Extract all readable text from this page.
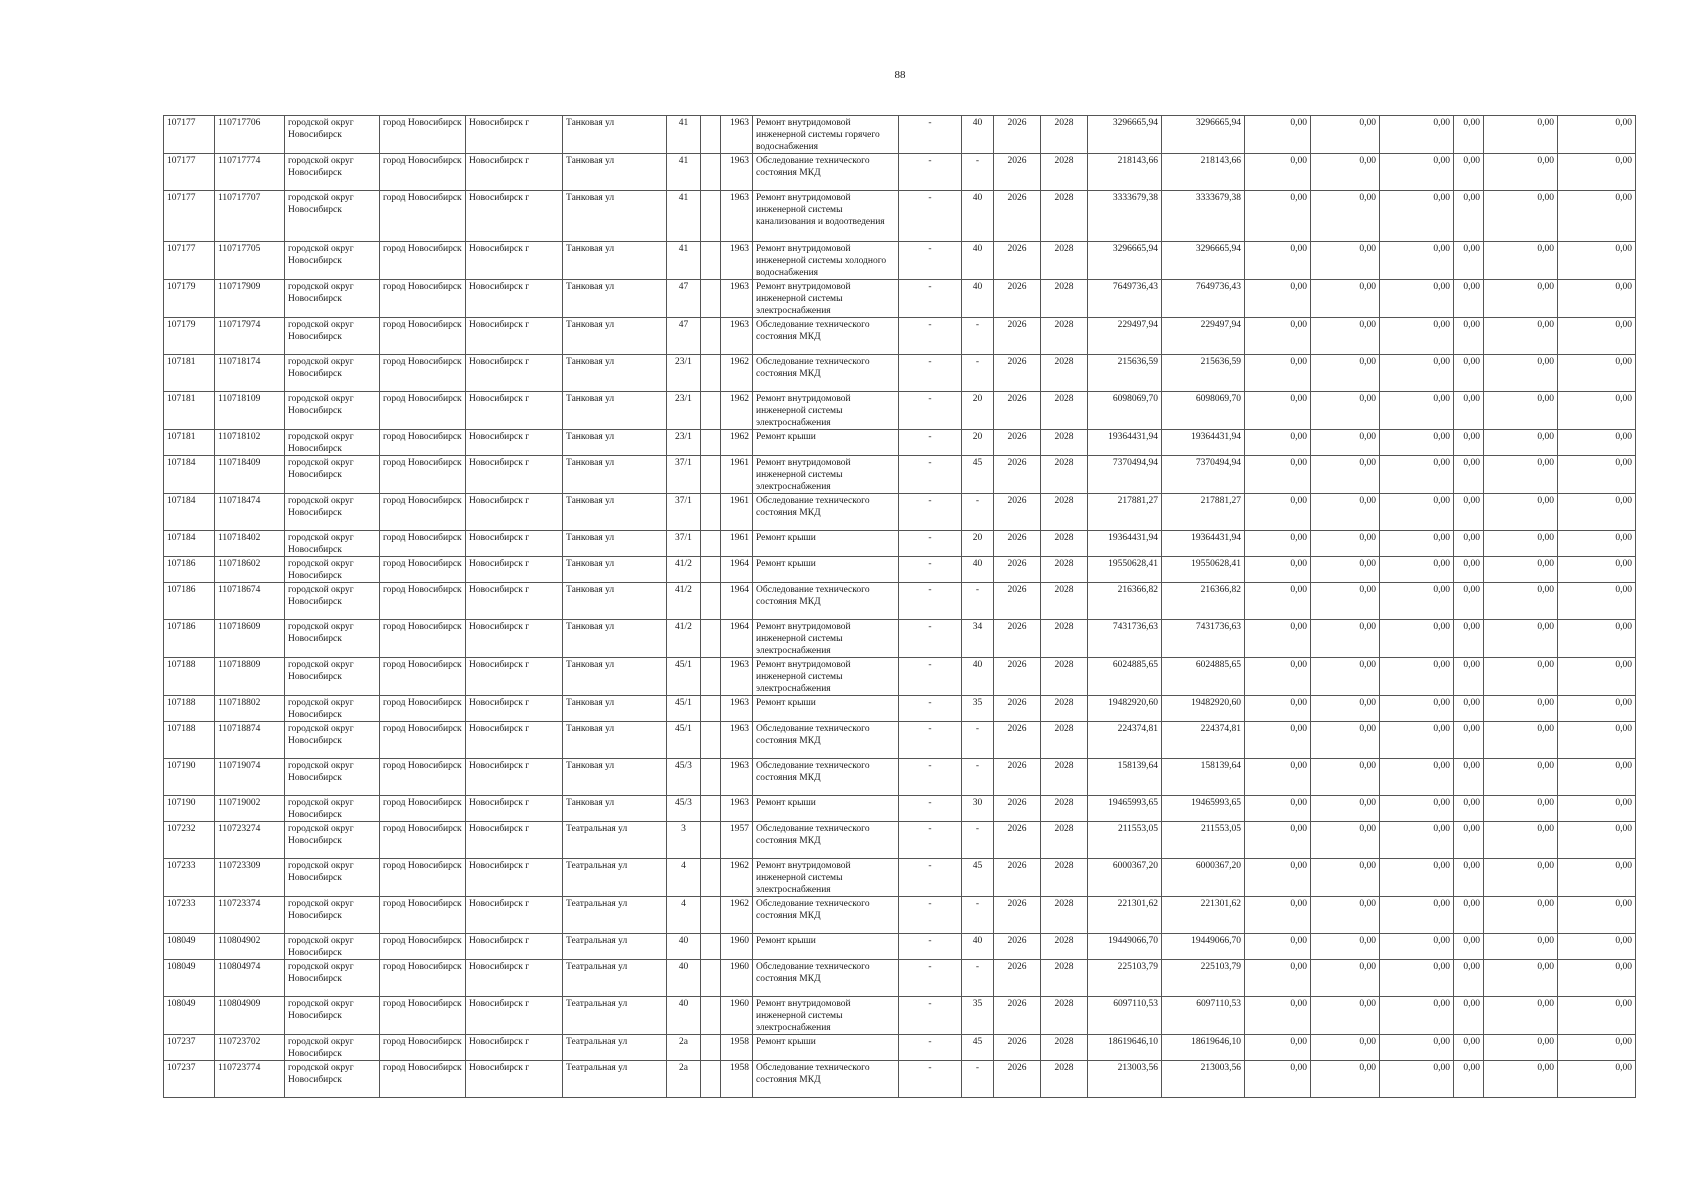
88
107177	110717706	городской округ Новосибирск	город Новосибирск	Новосибирск г	Танковая ул	41		1963	Ремонт внутридомовой инженерной системы горячего водоснабжения	-	40	2026	2028	3296665,94	3296665,94	0,00	0,00	0,00	0,00	0,00	0,00
107177	110717774	городской округ Новосибирск	город Новосибирск	Новосибирск г	Танковая ул	41		1963	Обследование технического состояния МКД	-	-	2026	2028	218143,66	218143,66	0,00	0,00	0,00	0,00	0,00	0,00
107177	110717707	городской округ Новосибирск	город Новосибирск	Новосибирск г	Танковая ул	41		1963	Ремонт внутридомовой инженерной системы канализования и водоотведения	-	40	2026	2028	3333679,38	3333679,38	0,00	0,00	0,00	0,00	0,00	0,00
107177	110717705	городской округ Новосибирск	город Новосибирск	Новосибирск г	Танковая ул	41		1963	Ремонт внутридомовой инженерной системы холодного водоснабжения	-	40	2026	2028	3296665,94	3296665,94	0,00	0,00	0,00	0,00	0,00	0,00
107179	110717909	городской округ Новосибирск	город Новосибирск	Новосибирск г	Танковая ул	47		1963	Ремонт внутридомовой инженерной системы электроснабжения	-	40	2026	2028	7649736,43	7649736,43	0,00	0,00	0,00	0,00	0,00	0,00
107179	110717974	городской округ Новосибирск	город Новосибирск	Новосибирск г	Танковая ул	47		1963	Обследование технического состояния МКД	-	-	2026	2028	229497,94	229497,94	0,00	0,00	0,00	0,00	0,00	0,00
107181	110718174	городской округ Новосибирск	город Новосибирск	Новосибирск г	Танковая ул	23/1		1962	Обследование технического состояния МКД	-	-	2026	2028	215636,59	215636,59	0,00	0,00	0,00	0,00	0,00	0,00
107181	110718109	городской округ Новосибирск	город Новосибирск	Новосибирск г	Танковая ул	23/1		1962	Ремонт внутридомовой инженерной системы электроснабжения	-	20	2026	2028	6098069,70	6098069,70	0,00	0,00	0,00	0,00	0,00	0,00
107181	110718102	городской округ Новосибирск	город Новосибирск	Новосибирск г	Танковая ул	23/1		1962	Ремонт крыши	-	20	2026	2028	19364431,94	19364431,94	0,00	0,00	0,00	0,00	0,00	0,00
107184	110718409	городской округ Новосибирск	город Новосибирск	Новосибирск г	Танковая ул	37/1		1961	Ремонт внутридомовой инженерной системы электроснабжения	-	45	2026	2028	7370494,94	7370494,94	0,00	0,00	0,00	0,00	0,00	0,00
107184	110718474	городской округ Новосибирск	город Новосибирск	Новосибирск г	Танковая ул	37/1		1961	Обследование технического состояния МКД	-	-	2026	2028	217881,27	217881,27	0,00	0,00	0,00	0,00	0,00	0,00
107184	110718402	городской округ Новосибирск	город Новосибирск	Новосибирск г	Танковая ул	37/1		1961	Ремонт крыши	-	20	2026	2028	19364431,94	19364431,94	0,00	0,00	0,00	0,00	0,00	0,00
107186	110718602	городской округ Новосибирск	город Новосибирск	Новосибирск г	Танковая ул	41/2		1964	Ремонт крыши	-	40	2026	2028	19550628,41	19550628,41	0,00	0,00	0,00	0,00	0,00	0,00
107186	110718674	городской округ Новосибирск	город Новосибирск	Новосибирск г	Танковая ул	41/2		1964	Обследование технического состояния МКД	-	-	2026	2028	216366,82	216366,82	0,00	0,00	0,00	0,00	0,00	0,00
107186	110718609	городской округ Новосибирск	город Новосибирск	Новосибирск г	Танковая ул	41/2		1964	Ремонт внутридомовой инженерной системы электроснабжения	-	34	2026	2028	7431736,63	7431736,63	0,00	0,00	0,00	0,00	0,00	0,00
107188	110718809	городской округ Новосибирск	город Новосибирск	Новосибирск г	Танковая ул	45/1		1963	Ремонт внутридомовой инженерной системы электроснабжения	-	40	2026	2028	6024885,65	6024885,65	0,00	0,00	0,00	0,00	0,00	0,00
107188	110718802	городской округ Новосибирск	город Новосибирск	Новосибирск г	Танковая ул	45/1		1963	Ремонт крыши	-	35	2026	2028	19482920,60	19482920,60	0,00	0,00	0,00	0,00	0,00	0,00
107188	110718874	городской округ Новосибирск	город Новосибирск	Новосибирск г	Танковая ул	45/1		1963	Обследование технического состояния МКД	-	-	2026	2028	224374,81	224374,81	0,00	0,00	0,00	0,00	0,00	0,00
107190	110719074	городской округ Новосибирск	город Новосибирск	Новосибирск г	Танковая ул	45/3		1963	Обследование технического состояния МКД	-	-	2026	2028	158139,64	158139,64	0,00	0,00	0,00	0,00	0,00	0,00
107190	110719002	городской округ Новосибирск	город Новосибирск	Новосибирск г	Танковая ул	45/3		1963	Ремонт крыши	-	30	2026	2028	19465993,65	19465993,65	0,00	0,00	0,00	0,00	0,00	0,00
107232	110723274	городской округ Новосибирск	город Новосибирск	Новосибирск г	Театральная ул	3		1957	Обследование технического состояния МКД	-	-	2026	2028	211553,05	211553,05	0,00	0,00	0,00	0,00	0,00	0,00
107233	110723309	городской округ Новосибирск	город Новосибирск	Новосибирск г	Театральная ул	4		1962	Ремонт внутридомовой инженерной системы электроснабжения	-	45	2026	2028	6000367,20	6000367,20	0,00	0,00	0,00	0,00	0,00	0,00
107233	110723374	городской округ Новосибирск	город Новосибирск	Новосибирск г	Театральная ул	4		1962	Обследование технического состояния МКД	-	-	2026	2028	221301,62	221301,62	0,00	0,00	0,00	0,00	0,00	0,00
108049	110804902	городской округ Новосибирск	город Новосибирск	Новосибирск г	Театральная ул	40		1960	Ремонт крыши	-	40	2026	2028	19449066,70	19449066,70	0,00	0,00	0,00	0,00	0,00	0,00
108049	110804974	городской округ Новосибирск	город Новосибирск	Новосибирск г	Театральная ул	40		1960	Обследование технического состояния МКД	-	-	2026	2028	225103,79	225103,79	0,00	0,00	0,00	0,00	0,00	0,00
108049	110804909	городской округ Новосибирск	город Новосибирск	Новосибирск г	Театральная ул	40		1960	Ремонт внутридомовой инженерной системы электроснабжения	-	35	2026	2028	6097110,53	6097110,53	0,00	0,00	0,00	0,00	0,00	0,00
107237	110723702	городской округ Новосибирск	город Новосибирск	Новосибирск г	Театральная ул	2а		1958	Ремонт крыши	-	45	2026	2028	18619646,10	18619646,10	0,00	0,00	0,00	0,00	0,00	0,00
107237	110723774	городской округ Новосибирск	город Новосибирск	Новосибирск г	Театральная ул	2а		1958	Обследование технического состояния МКД	-	-	2026	2028	213003,56	213003,56	0,00	0,00	0,00	0,00	0,00	0,00
